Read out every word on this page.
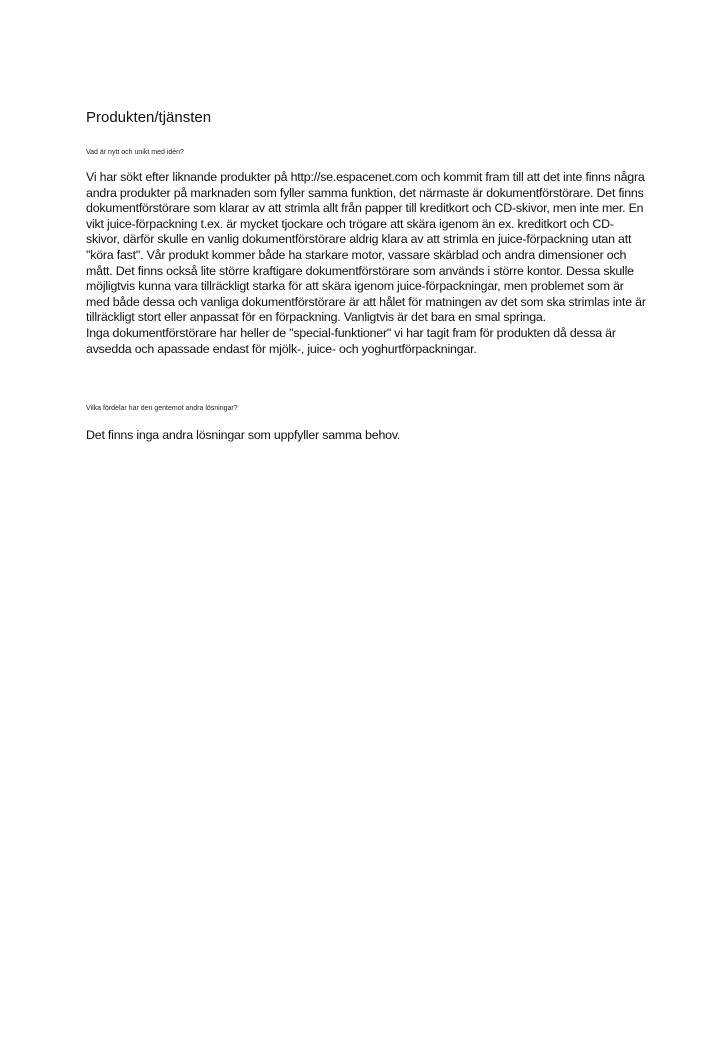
Produkten/tjänsten

Vad är nytt och unikt med idén?

Vi har sökt efter liknande produkter på http://se.espacenet.com och kommit fram till att det inte finns några andra produkter på marknaden som fyller samma funktion, det närmaste är dokumentförstörare. Det finns dokumentförstörare som klarar av att strimla allt från papper till kreditkort och CD-skivor, men inte mer. En vikt juice-förpackning t.ex. är mycket tjockare och trögare att skära igenom än ex. kreditkort och CD-skivor, därför skulle en vanlig dokumentförstörare aldrig klara av att strimla en juice-förpackning utan att "köra fast". Vår produkt kommer både ha starkare motor, vassare skärblad och andra dimensioner och mått. Det finns också lite större kraftigare dokumentförstörare som används i större kontor. Dessa skulle möjligtvis kunna vara tillräckligt starka för att skära igenom juice-förpackningar, men problemet som är med både dessa och vanliga dokumentförstörare är att hålet för matningen av det som ska strimlas inte är tillräckligt stort eller anpassat för en förpackning. Vanligtvis är det bara en smal springa.

Inga dokumentförstörare har heller de "special-funktioner" vi har tagit fram för produkten då dessa är avsedda och apassade endast för mjölk-, juice- och yoghurtförpackningar.

Vilka fördelar har den gentemot andra lösningar?

Det finns inga andra lösningar som uppfyller samma behov.
